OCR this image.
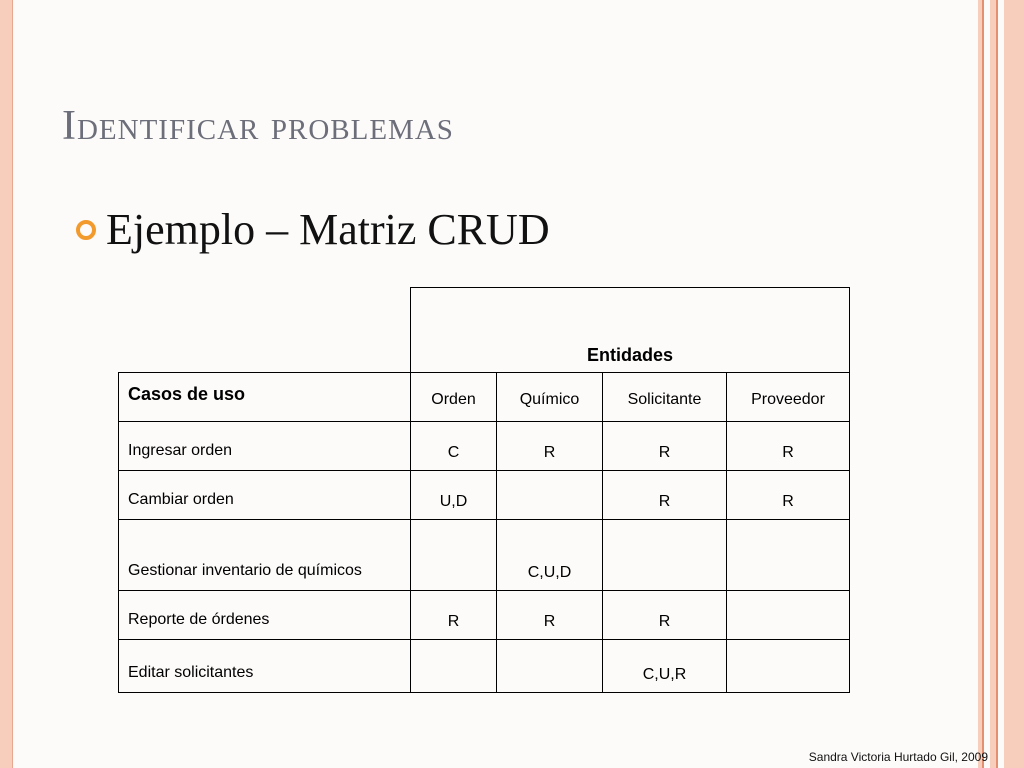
Identificar problemas
Ejemplo – Matriz CRUD
	Entidades			
Casos de uso	Orden	Químico	Solicitante	Proveedor
Ingresar orden	C	R	R	R
Cambiar orden	U,D		R	R
Gestionar inventario de químicos		C,U,D		
Reporte de órdenes	R	R	R	
Editar solicitantes			C,U,R	
Sandra Victoria Hurtado Gil, 2009
